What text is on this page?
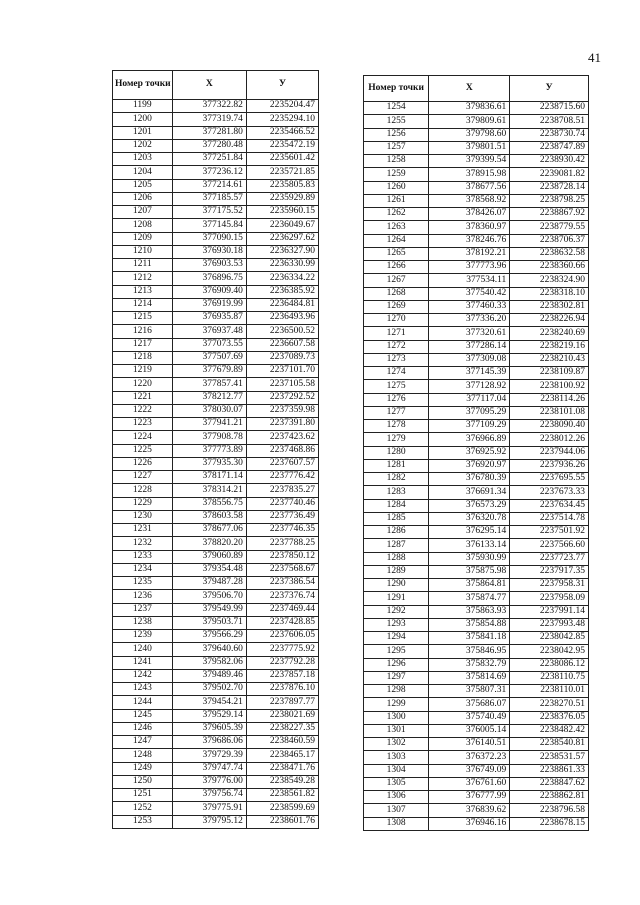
41
Номер точки	X	У
1199	377322.82	2235204.47
1200	377319.74	2235294.10
1201	377281.80	2235466.52
1202	377280.48	2235472.19
1203	377251.84	2235601.42
1204	377236.12	2235721.85
1205	377214.61	2235805.83
1206	377185.57	2235929.89
1207	377175.52	2235960.15
1208	377145.84	2236049.67
1209	377090.15	2236297.62
1210	376930.18	2236327.90
1211	376903.53	2236330.99
1212	376896.75	2236334.22
1213	376909.40	2236385.92
1214	376919.99	2236484.81
1215	376935.87	2236493.96
1216	376937.48	2236500.52
1217	377073.55	2236607.58
1218	377507.69	2237089.73
1219	377679.89	2237101.70
1220	377857.41	2237105.58
1221	378212.77	2237292.52
1222	378030.07	2237359.98
1223	377941.21	2237391.80
1224	377908.78	2237423.62
1225	377773.89	2237468.86
1226	377935.30	2237607.57
1227	378171.14	2237776.42
1228	378314.21	2237835.27
1229	378556.75	2237740.46
1230	378603.58	2237736.49
1231	378677.06	2237746.35
1232	378820.20	2237788.25
1233	379060.89	2237850.12
1234	379354.48	2237568.67
1235	379487.28	2237386.54
1236	379506.70	2237376.74
1237	379549.99	2237469.44
1238	379503.71	2237428.85
1239	379566.29	2237606.05
1240	379640.60	2237775.92
1241	379582.06	2237792.28
1242	379489.46	2237857.18
1243	379502.70	2237876.10
1244	379454.21	2237897.77
1245	379529.14	2238021.69
1246	379605.39	2238227.35
1247	379686.06	2238460.59
1248	379729.39	2238465.17
1249	379747.74	2238471.76
1250	379776.00	2238549.28
1251	379756.74	2238561.82
1252	379775.91	2238599.69
1253	379795.12	2238601.76
Номер точки	X	У
1254	379836.61	2238715.60
1255	379809.61	2238708.51
1256	379798.60	2238730.74
1257	379801.51	2238747.89
1258	379399.54	2238930.42
1259	378915.98	2239081.82
1260	378677.56	2238728.14
1261	378568.92	2238798.25
1262	378426.07	2238867.92
1263	378360.97	2238779.55
1264	378246.76	2238706.37
1265	378192.21	2238632.58
1266	377773.96	2238360.66
1267	377534.11	2238324.90
1268	377540.42	2238318.10
1269	377460.33	2238302.81
1270	377336.20	2238226.94
1271	377320.61	2238240.69
1272	377286.14	2238219.16
1273	377309.08	2238210.43
1274	377145.39	2238109.87
1275	377128.92	2238100.92
1276	377117.04	2238114.26
1277	377095.29	2238101.08
1278	377109.29	2238090.40
1279	376966.89	2238012.26
1280	376925.92	2237944.06
1281	376920.97	2237936.26
1282	376780.39	2237695.55
1283	376691.34	2237673.33
1284	376573.29	2237634.45
1285	376320.78	2237514.78
1286	376295.14	2237501.92
1287	376133.14	2237566.60
1288	375930.99	2237723.77
1289	375875.98	2237917.35
1290	375864.81	2237958.31
1291	375874.77	2237958.09
1292	375863.93	2237991.14
1293	375854.88	2237993.48
1294	375841.18	2238042.85
1295	375846.95	2238042.95
1296	375832.79	2238086.12
1297	375814.69	2238110.75
1298	375807.31	2238110.01
1299	375686.07	2238270.51
1300	375740.49	2238376.05
1301	376005.14	2238482.42
1302	376140.51	2238540.81
1303	376372.23	2238531.57
1304	376749.09	2238861.33
1305	376761.60	2238847.62
1306	376777.99	2238862.81
1307	376839.62	2238796.58
1308	376946.16	2238678.15
